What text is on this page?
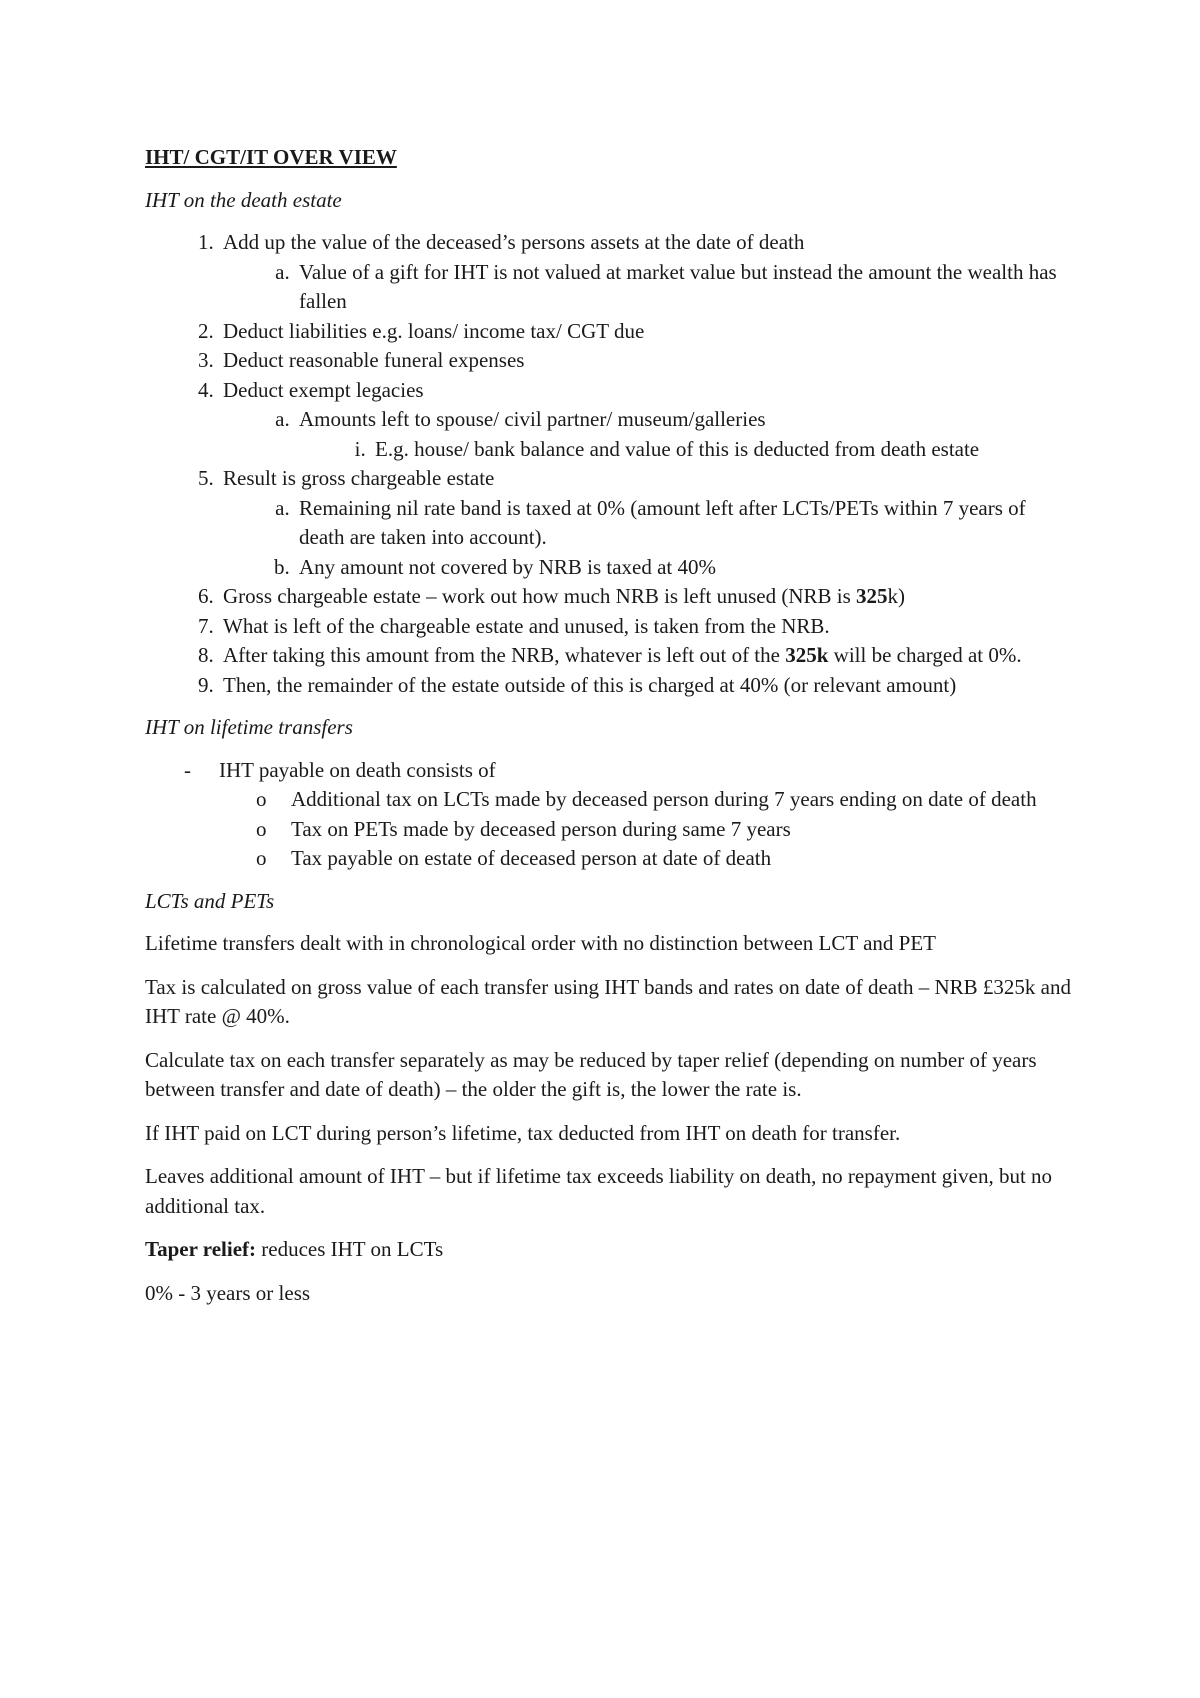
IHT/ CGT/IT OVER VIEW
IHT on the death estate
1. Add up the value of the deceased’s persons assets at the date of death
a. Value of a gift for IHT is not valued at market value but instead the amount the wealth has fallen
2. Deduct liabilities e.g. loans/ income tax/ CGT due
3. Deduct reasonable funeral expenses
4. Deduct exempt legacies
a. Amounts left to spouse/ civil partner/ museum/galleries
i. E.g. house/ bank balance and value of this is deducted from death estate
5. Result is gross chargeable estate
a. Remaining nil rate band is taxed at 0% (amount left after LCTs/PETs within 7 years of death are taken into account).
b. Any amount not covered by NRB is taxed at 40%
6. Gross chargeable estate – work out how much NRB is left unused (NRB is 325k)
7. What is left of the chargeable estate and unused, is taken from the NRB.
8. After taking this amount from the NRB, whatever is left out of the 325k will be charged at 0%.
9. Then, the remainder of the estate outside of this is charged at 40% (or relevant amount)
IHT on lifetime transfers
- IHT payable on death consists of
o Additional tax on LCTs made by deceased person during 7 years ending on date of death
o Tax on PETs made by deceased person during same 7 years
o Tax payable on estate of deceased person at date of death
LCTs and PETs
Lifetime transfers dealt with in chronological order with no distinction between LCT and PET
Tax is calculated on gross value of each transfer using IHT bands and rates on date of death – NRB £325k and IHT rate @ 40%.
Calculate tax on each transfer separately as may be reduced by taper relief (depending on number of years between transfer and date of death) – the older the gift is, the lower the rate is.
If IHT paid on LCT during person’s lifetime, tax deducted from IHT on death for transfer.
Leaves additional amount of IHT – but if lifetime tax exceeds liability on death, no repayment given, but no additional tax.
Taper relief: reduces IHT on LCTs
0% - 3 years or less
